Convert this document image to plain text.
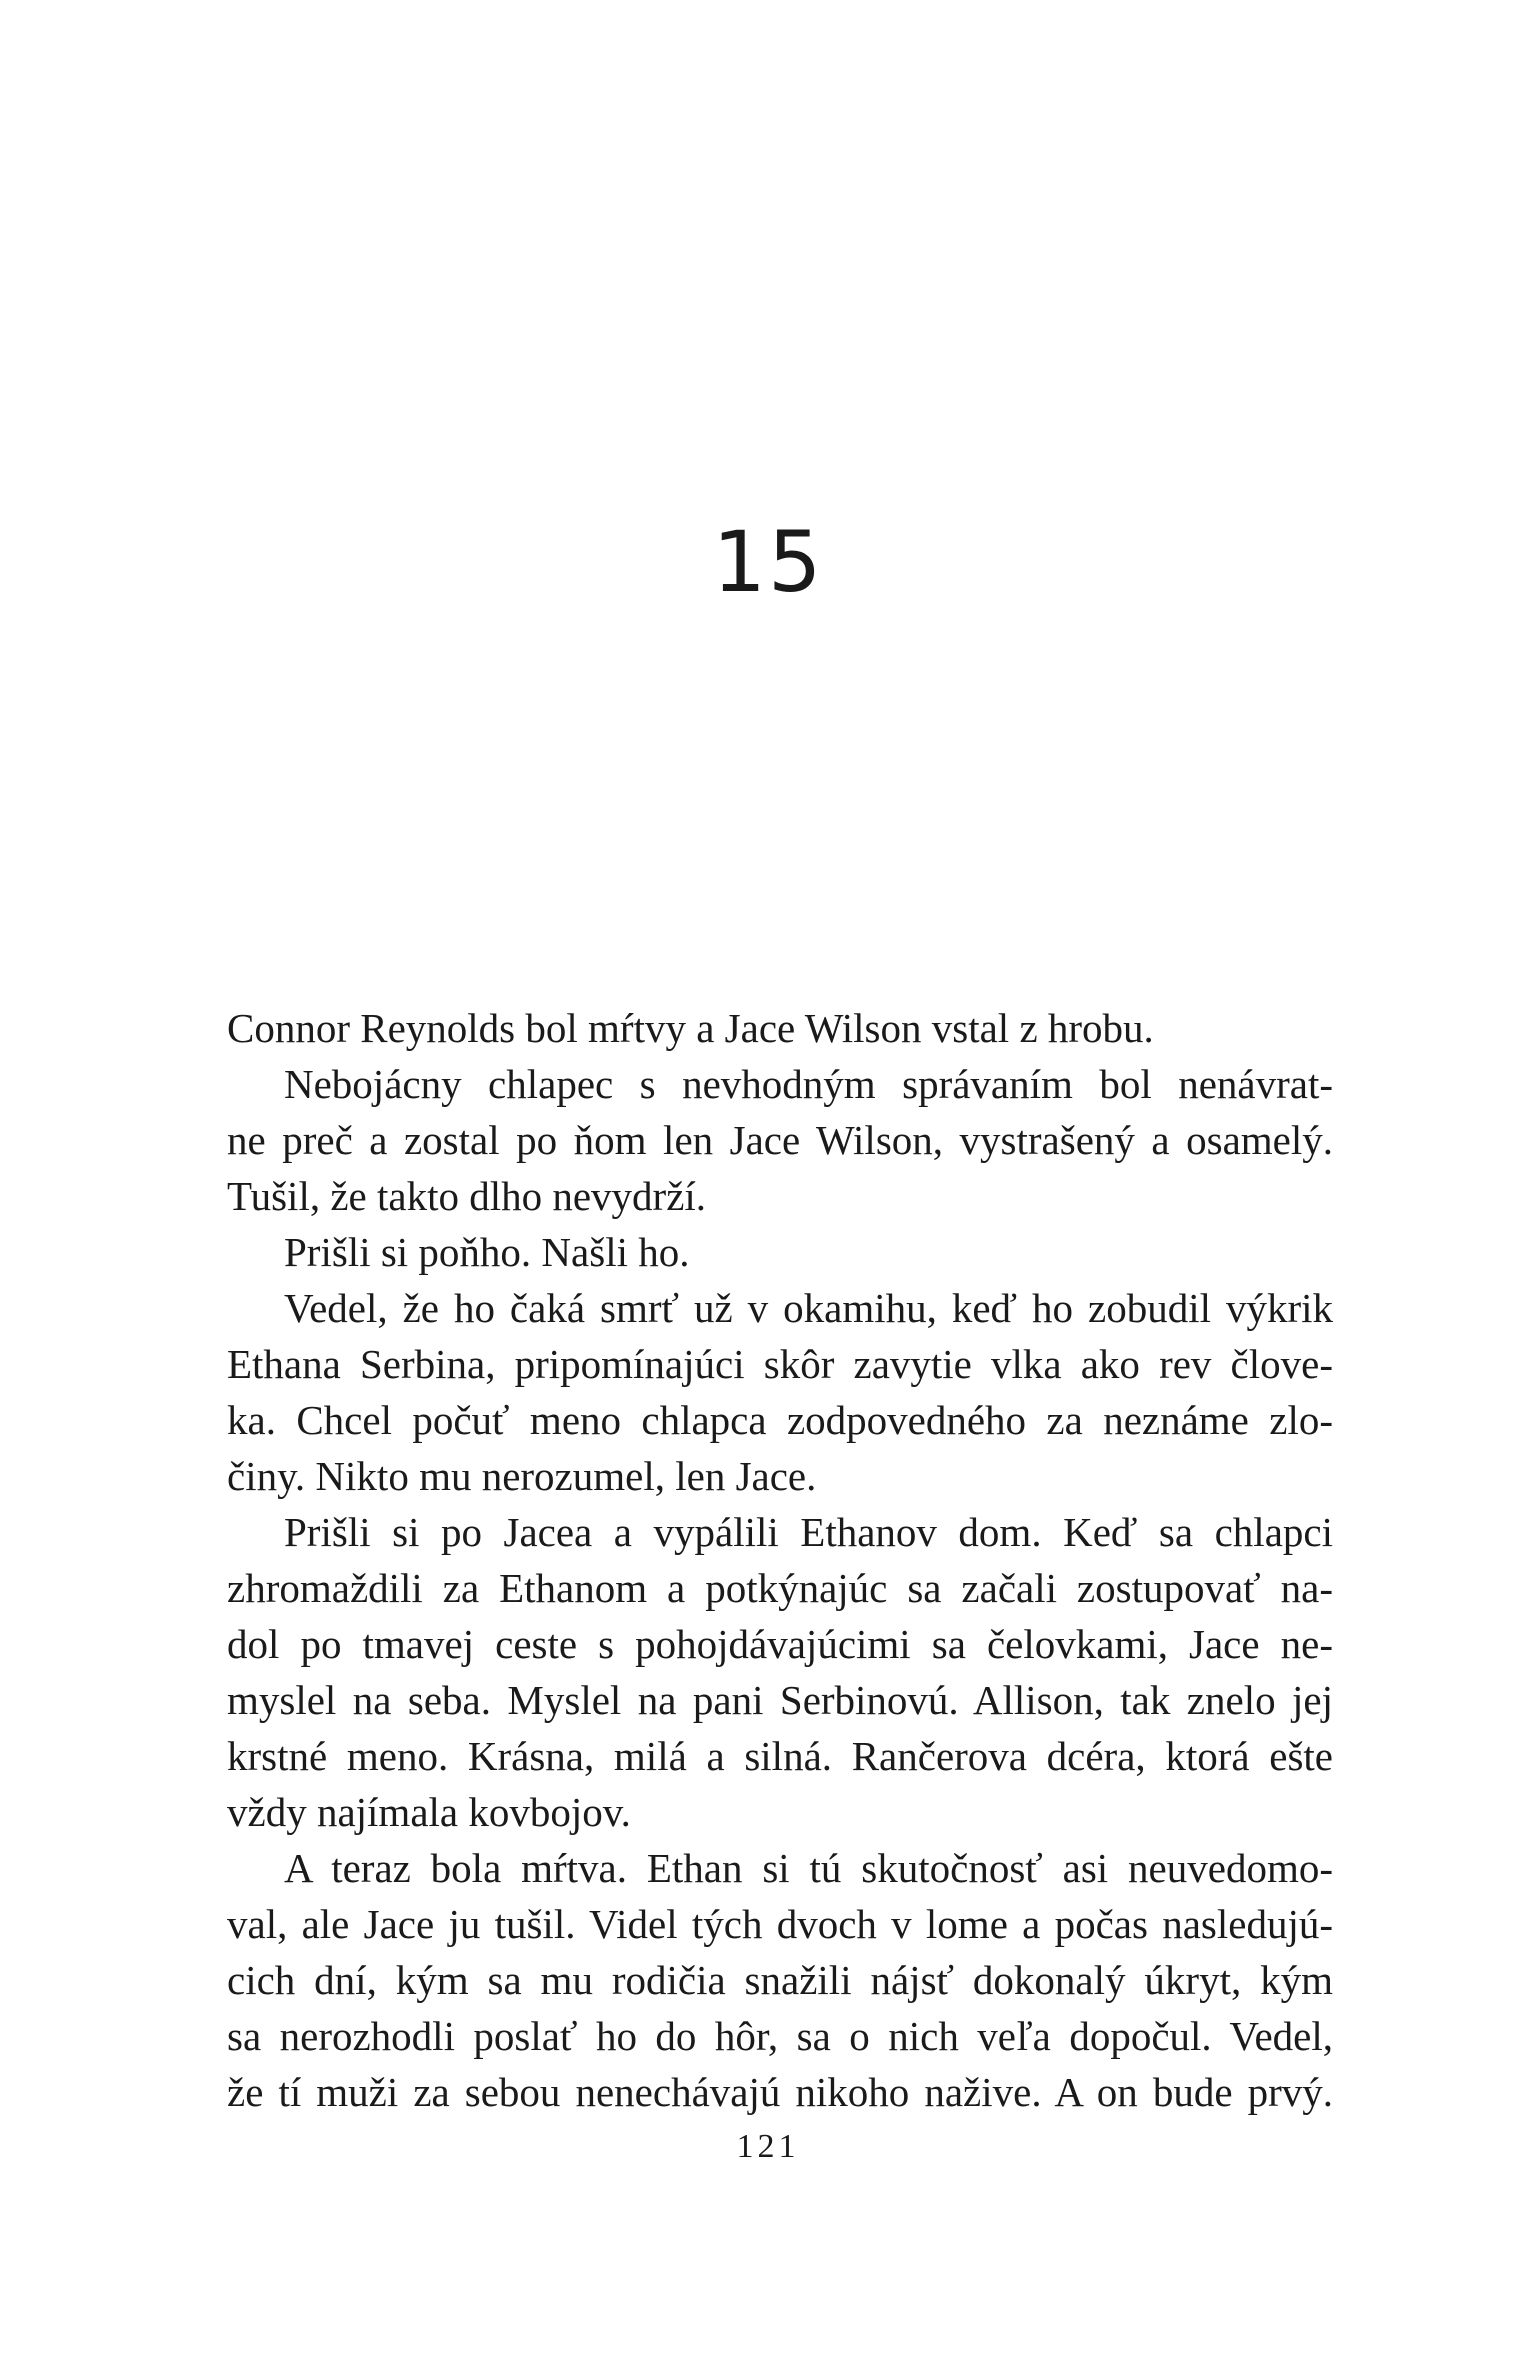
15
Connor Reynolds bol mŕtvy a Jace Wilson vstal z hrobu.
Nebojácny chlapec s nevhodným správaním bol nenávrat-
ne preč a zostal po ňom len Jace Wilson, vystrašený a osamelý.
Tušil, že takto dlho nevydrží.
Prišli si poňho. Našli ho.
Vedel, že ho čaká smrť už v okamihu, keď ho zobudil výkrik
Ethana Serbina, pripomínajúci skôr zavytie vlka ako rev člove-
ka. Chcel počuť meno chlapca zodpovedného za neznáme zlo-
činy. Nikto mu nerozumel, len Jace.
Prišli si po Jacea a vypálili Ethanov dom. Keď sa chlapci
zhromaždili za Ethanom a potkýnajúc sa začali zostupovať na-
dol po tmavej ceste s pohojdávajúcimi sa čelovkami, Jace ne-
myslel na seba. Myslel na pani Serbinovú. Allison, tak znelo jej
krstné meno. Krásna, milá a silná. Rančerova dcéra, ktorá ešte
vždy najímala kovbojov.
A teraz bola mŕtva. Ethan si tú skutočnosť asi neuvedomo-
val, ale Jace ju tušil. Videl tých dvoch v lome a počas nasledujú-
cich dní, kým sa mu rodičia snažili nájsť dokonalý úkryt, kým
sa nerozhodli poslať ho do hôr, sa o nich veľa dopočul. Vedel,
že tí muži za sebou nenechávajú nikoho nažive. A on bude prvý.
121
